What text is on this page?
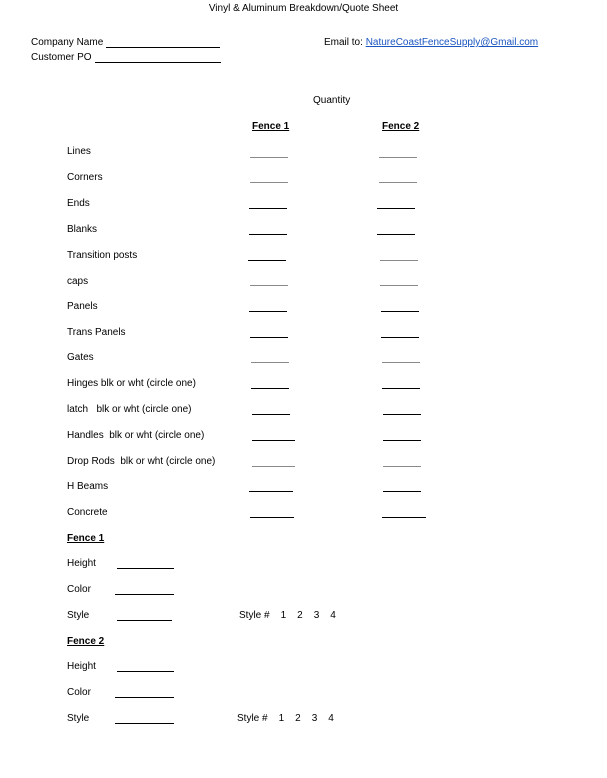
Vinyl & Aluminum Breakdown/Quote Sheet
Company Name
Customer PO
Email to: NatureCoastFenceSupply@Gmail.com
Quantity
Fence 1	Fence 2
Lines
Corners
Ends
Blanks
Transition posts
caps
Panels
Trans Panels
Gates
Hinges blk or wht (circle one)
latch   blk or wht (circle one)
Handles  blk or wht (circle one)
Drop Rods  blk or wht (circle one)
H Beams
Concrete
Fence 1
Height
Color
Style	Style # 1 2 3 4
Fence 2
Height
Color
Style	Style # 1 2 3 4
